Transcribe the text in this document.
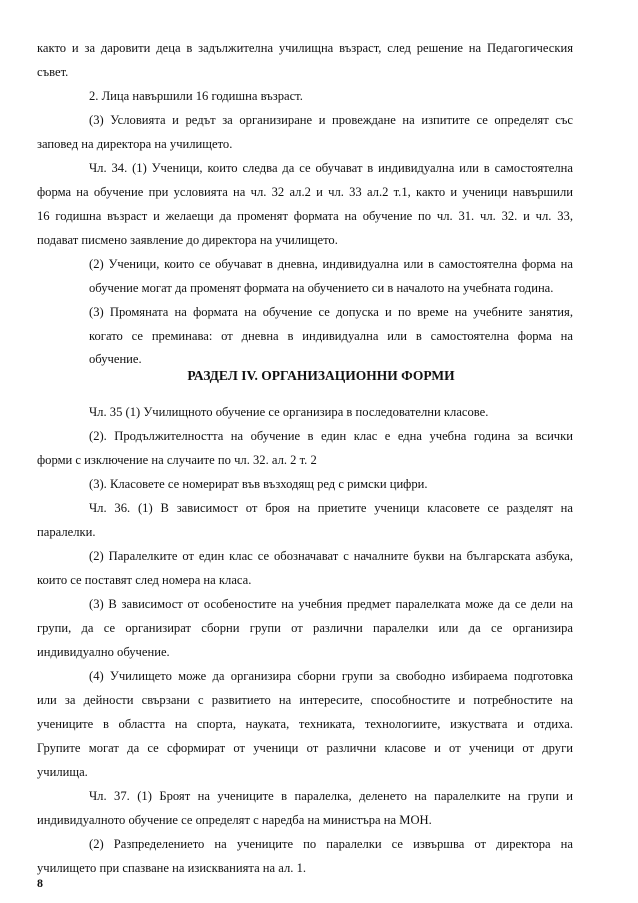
както и за даровити деца в задължителна училищна възраст, след решение на Педагогическия
съвет.
2. Лица навършили 16 годишна възраст.
(3) Условията и редът за организиране и провеждане на изпитите се определят със
заповед на директора на училището.
Чл. 34. (1) Ученици, които следва да се обучават в индивидуална или в самостоятелна
форма на обучение при условията на чл. 32 ал.2 и чл. 33 ал.2 т.1, както и ученици навършили
16 годишна възраст и желаещи да променят формата на обучение по чл. 31. чл. 32. и чл. 33,
подават писмено заявление до директора на училището.
(2) Ученици, които се обучават в дневна, индивидуална или в самостоятелна форма на
обучение могат да променят формата на обучението си в началото на учебната година.
(3) Промяната на формата на обучение се допуска и по време на учебните занятия,
когато се преминава: от дневна в индивидуална или в самостоятелна форма на
обучение.
РАЗДЕЛ IV. ОРГАНИЗАЦИОННИ ФОРМИ
Чл. 35 (1) Училищното обучение се организира в последователни класове.
(2). Продължителността на обучение в един клас е една учебна година за всички
форми с изключение на случаите по чл. 32. ал. 2 т. 2
(3). Класовете се номерират във възходящ ред с римски цифри.
Чл. 36. (1) В зависимост от броя на приетите ученици класовете се разделят на
паралелки.
(2) Паралелките от един клас се обозначават с началните букви на българската азбука,
които се поставят след номера на класа.
(3) В зависимост от особеностите на учебния предмет паралелката може да се дели на
групи, да се организират сборни групи от различни паралелки или да се организира
индивидуално обучение.
(4) Училището може да организира сборни групи за свободно избираема подготовка
или за дейности свързани с развитието на интересите, способностите и потребностите на
учениците в областта на спорта, науката, техниката, технологиите, изкуствата и отдиха.
Групите могат да се сформират от ученици от различни класове и от ученици от други
училища.
Чл. 37. (1) Броят на учениците в паралелка, деленето на паралелките на групи и
индивидуалното обучение се определят с наредба на министъра на МОН.
(2) Разпределението на учениците по паралелки се извършва от директора на
училището при спазване на изискванията на ал. 1.
8
